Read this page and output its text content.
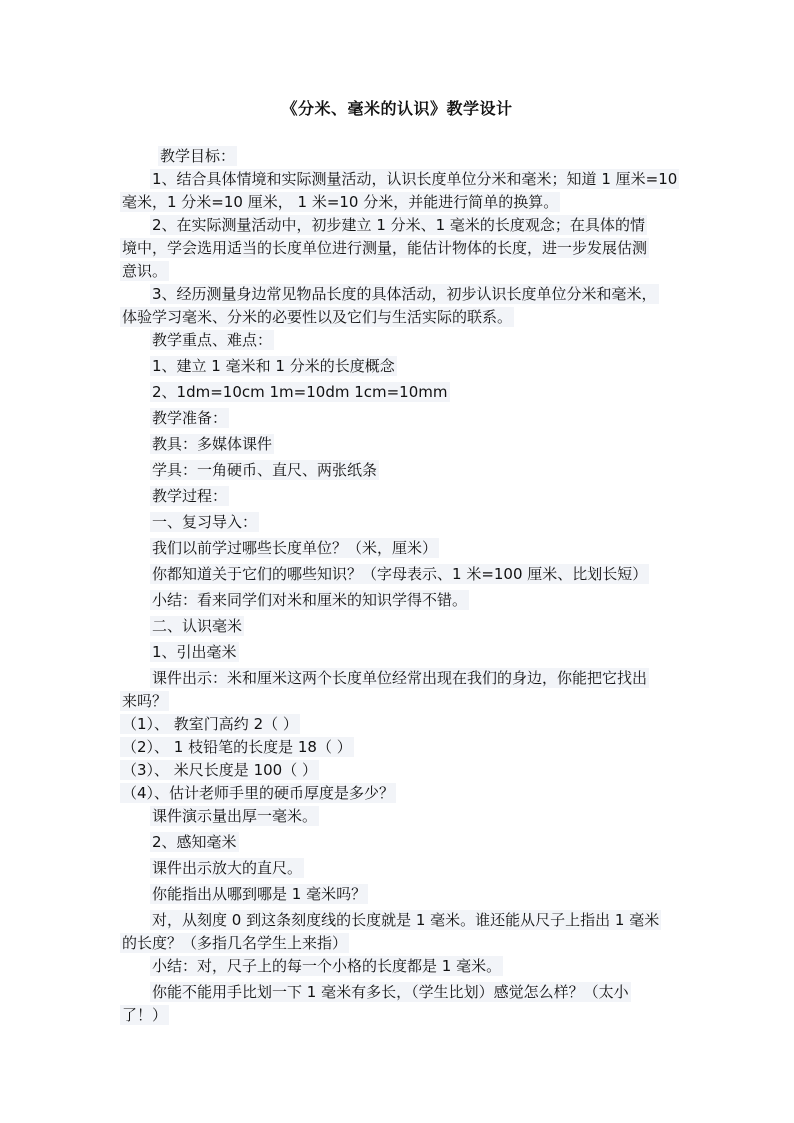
《分米、毫米的认识》教学设计
教学目标：
1、结合具体情境和实际测量活动，认识长度单位分米和毫米；知道 1 厘米=10
毫米，1 分米=10 厘米， 1 米=10 分米，并能进行简单的换算。
2、在实际测量活动中，初步建立 1 分米、1 毫米的长度观念；在具体的情
境中，学会选用适当的长度单位进行测量，能估计物体的长度，进一步发展估测
意识。
3、经历测量身边常见物品长度的具体活动，初步认识长度单位分米和毫米，
体验学习毫米、分米的必要性以及它们与生活实际的联系。
教学重点、难点：
1、建立 1 毫米和 1 分米的长度概念
2、1dm=10cm 1m=10dm 1cm=10mm
教学准备：
教具：多媒体课件
学具：一角硬币、直尺、两张纸条
教学过程：
一、复习导入：
我们以前学过哪些长度单位？（米，厘米）
你都知道关于它们的哪些知识？（字母表示、1 米=100 厘米、比划长短）
小结：看来同学们对米和厘米的知识学得不错。
二、认识毫米
1、引出毫米
课件出示：米和厘米这两个长度单位经常出现在我们的身边，你能把它找出
来吗？
（1）、 教室门高约 2（ ）
（2）、 1 枝铅笔的长度是 18（ ）
（3）、 米尺长度是 100（ ）
（4）、估计老师手里的硬币厚度是多少？
课件演示量出厚一毫米。
2、感知毫米
课件出示放大的直尺。
你能指出从哪到哪是 1 毫米吗？
对，从刻度 0 到这条刻度线的长度就是 1 毫米。谁还能从尺子上指出 1 毫米
的长度？（多指几名学生上来指）
小结：对，尺子上的每一个小格的长度都是 1 毫米。
你能不能用手比划一下 1 毫米有多长，（学生比划）感觉怎么样？（太小
了！）
